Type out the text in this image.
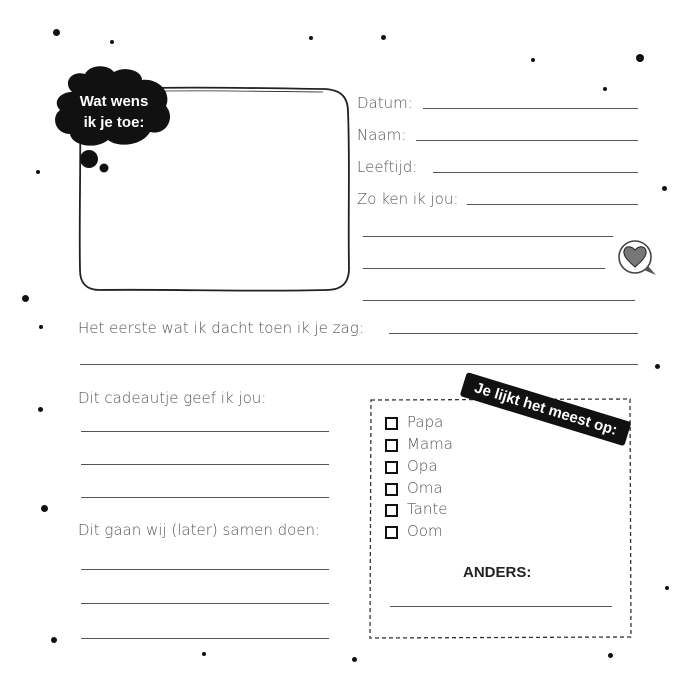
Wat wens
ik je toe:
Datum:
Naam:
Leeftijd:
Zo ken ik jou:
Het eerste wat ik dacht toen ik je zag:
Dit cadeautje geef ik jou:
Dit gaan wij (later) samen doen:
Je lijkt het meest op:
Papa
Mama
Opa
Oma
Tante
Oom
ANDERS:
